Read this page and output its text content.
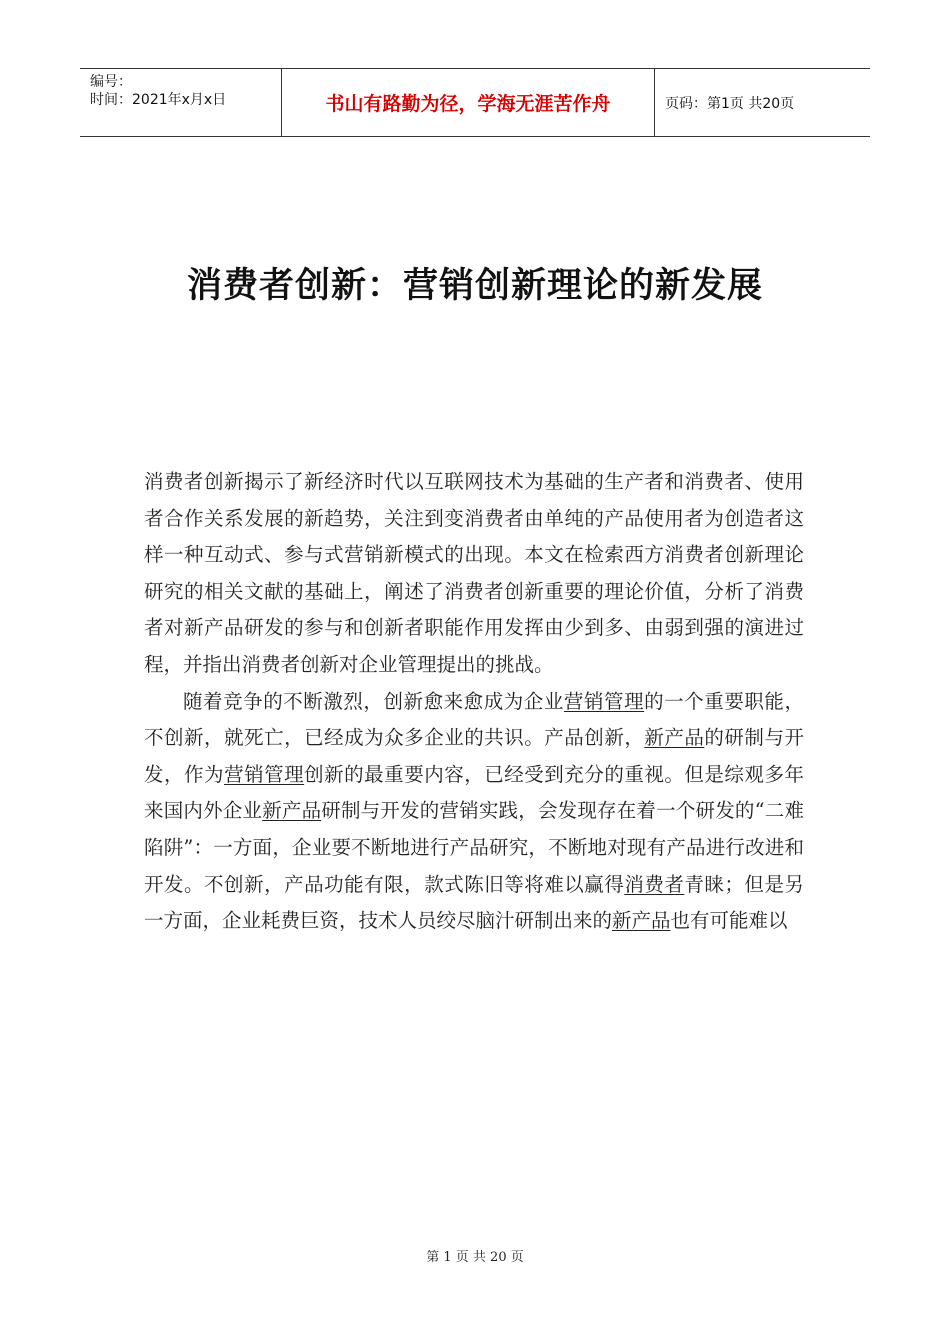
编号：
时间：2021年x月x日	书山有路勤为径，学海无涯苦作舟	页码：第1页 共20页
消费者创新：营销创新理论的新发展

消费者创新揭示了新经济时代以互联网技术为基础的生产者和消费者、使用者合作关系发展的新趋势，关注到变消费者由单纯的产品使用者为创造者这样一种互动式、参与式营销新模式的出现。本文在检索西方消费者创新理论研究的相关文献的基础上，阐述了消费者创新重要的理论价值，分析了消费者对新产品研发的参与和创新者职能作用发挥由少到多、由弱到强的演进过程，并指出消费者创新对企业管理提出的挑战。

随着竞争的不断激烈，创新愈来愈成为企业营销管理的一个重要职能，不创新，就死亡，已经成为众多企业的共识。产品创新，新产品的研制与开发，作为营销管理创新的最重要内容，已经受到充分的重视。但是综观多年来国内外企业新产品研制与开发的营销实践，会发现存在着一个研发的“二难陷阱”：一方面，企业要不断地进行产品研究，不断地对现有产品进行改进和开发。不创新，产品功能有限，款式陈旧等将难以赢得消费者青睐；但是另一方面，企业耗费巨资，技术人员绞尽脑汁研制出来的新产品也有可能难以

第 1 页 共 20 页
